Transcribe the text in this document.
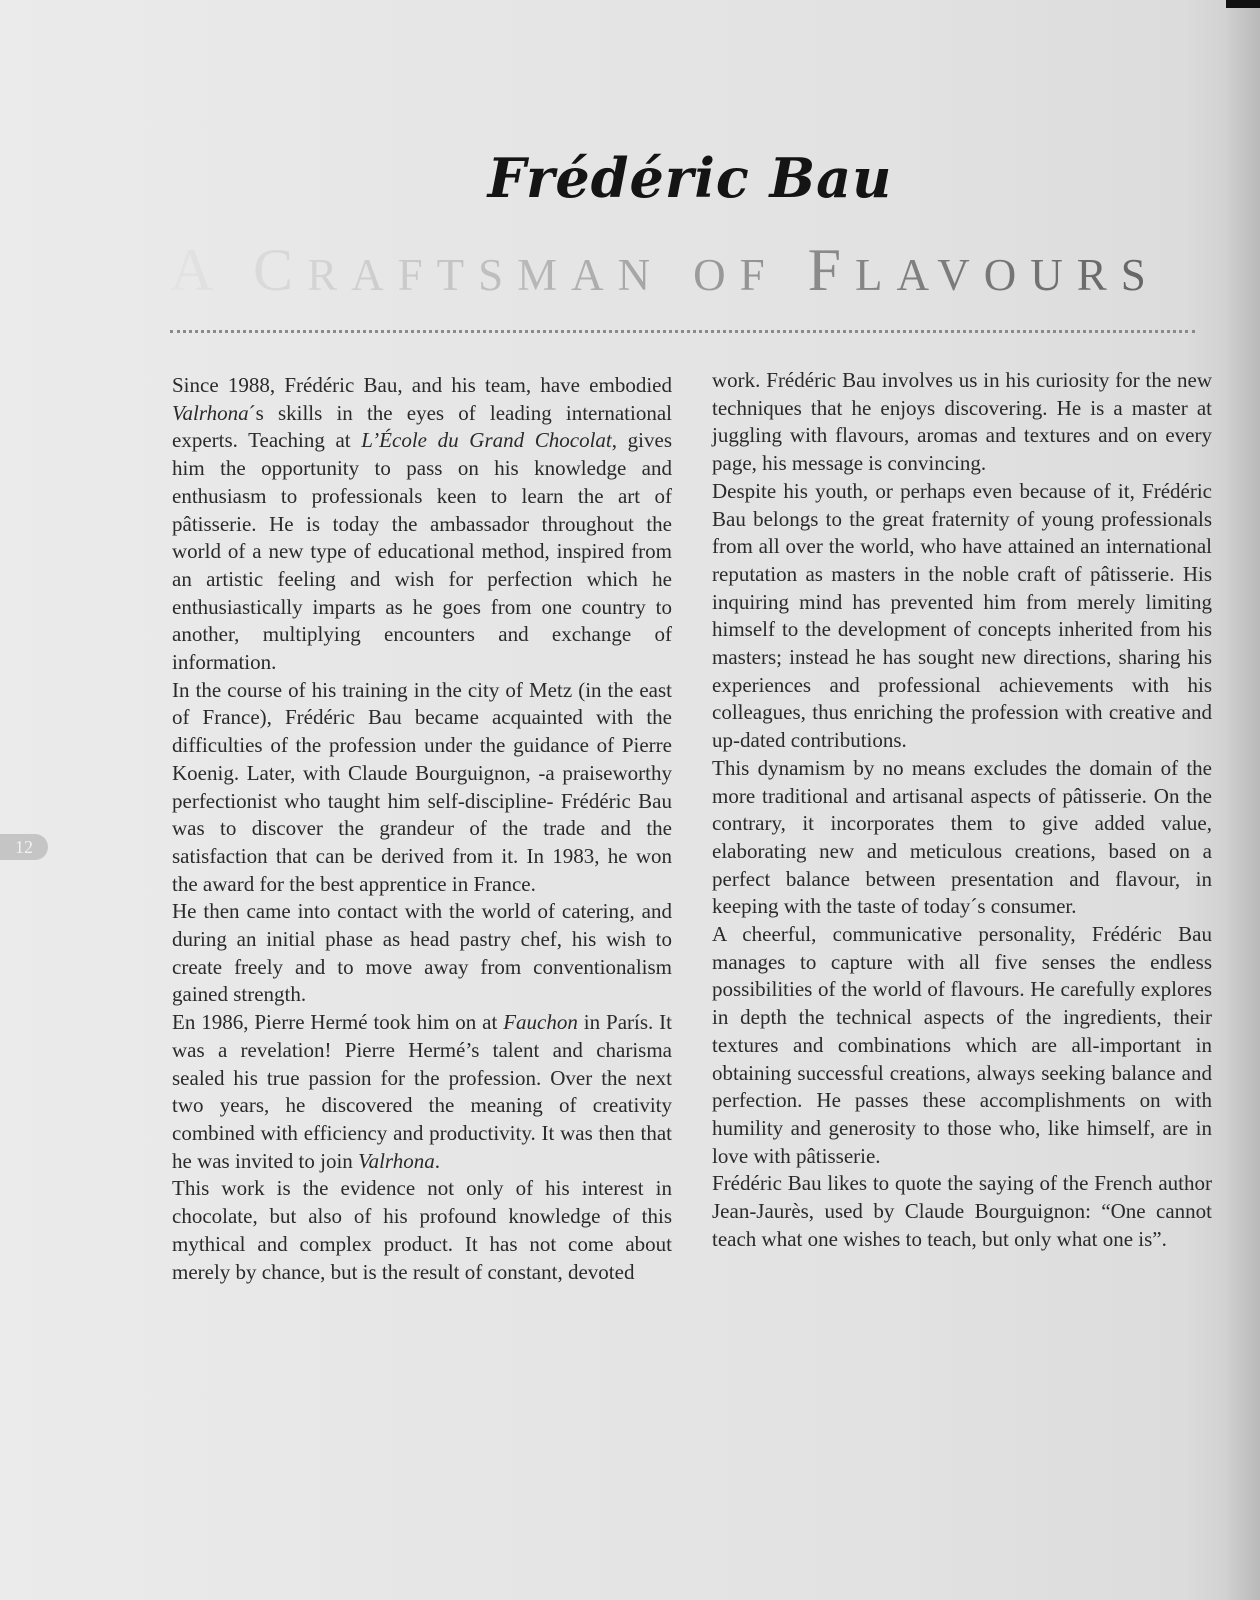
Frédéric Bau
A CRAFTSMAN OF FLAVOURS
12

Since 1988, Frédéric Bau, and his team, have embodied Valrhona´s skills in the eyes of leading international experts. Teaching at L’École du Grand Chocolat, gives him the opportunity to pass on his knowledge and enthusiasm to professionals keen to learn the art of pâtisserie. He is today the ambassador throughout the world of a new type of educational method, inspired from an artistic feeling and wish for perfection which he enthusiastically imparts as he goes from one country to another, multiplying encounters and exchange of information.

In the course of his training in the city of Metz (in the east of France), Frédéric Bau became acquainted with the difficulties of the profession under the guidance of Pierre Koenig. Later, with Claude Bourguignon, -a praiseworthy perfectionist who taught him self-discipline- Frédéric Bau was to discover the grandeur of the trade and the satisfaction that can be derived from it. In 1983, he won the award for the best apprentice in France.

He then came into contact with the world of catering, and during an initial phase as head pastry chef, his wish to create freely and to move away from conventionalism gained strength.

En 1986, Pierre Hermé took him on at Fauchon in París. It was a revelation! Pierre Hermé’s talent and charisma sealed his true passion for the profession. Over the next two years, he discovered the meaning of creativity combined with efficiency and productivity. It was then that he was invited to join Valrhona.

This work is the evidence not only of his interest in chocolate, but also of his profound knowledge of this mythical and complex product. It has not come about merely by chance, but is the result of constant, devoted

work. Frédéric Bau involves us in his curiosity for the new techniques that he enjoys discovering. He is a master at juggling with flavours, aromas and textures and on every page, his message is convincing.

Despite his youth, or perhaps even because of it, Frédéric Bau belongs to the great fraternity of young professionals from all over the world, who have attained an international reputation as masters in the noble craft of pâtisserie. His inquiring mind has prevented him from merely limiting himself to the development of concepts inherited from his masters; instead he has sought new directions, sharing his experiences and professional achievements with his colleagues, thus enriching the profession with creative and up-dated contributions.

This dynamism by no means excludes the domain of the more traditional and artisanal aspects of pâtisserie. On the contrary, it incorporates them to give added value, elaborating new and meticulous creations, based on a perfect balance between presentation and flavour, in keeping with the taste of today´s consumer.

A cheerful, communicative personality, Frédéric Bau manages to capture with all five senses the endless possibilities of the world of flavours. He carefully explores in depth the technical aspects of the ingredients, their textures and combinations which are all-important in obtaining successful creations, always seeking balance and perfection. He passes these accomplishments on with humility and generosity to those who, like himself, are in love with pâtisserie.

Frédéric Bau likes to quote the saying of the French author Jean-Jaurès, used by Claude Bourguignon: “One cannot teach what one wishes to teach, but only what one is”.
